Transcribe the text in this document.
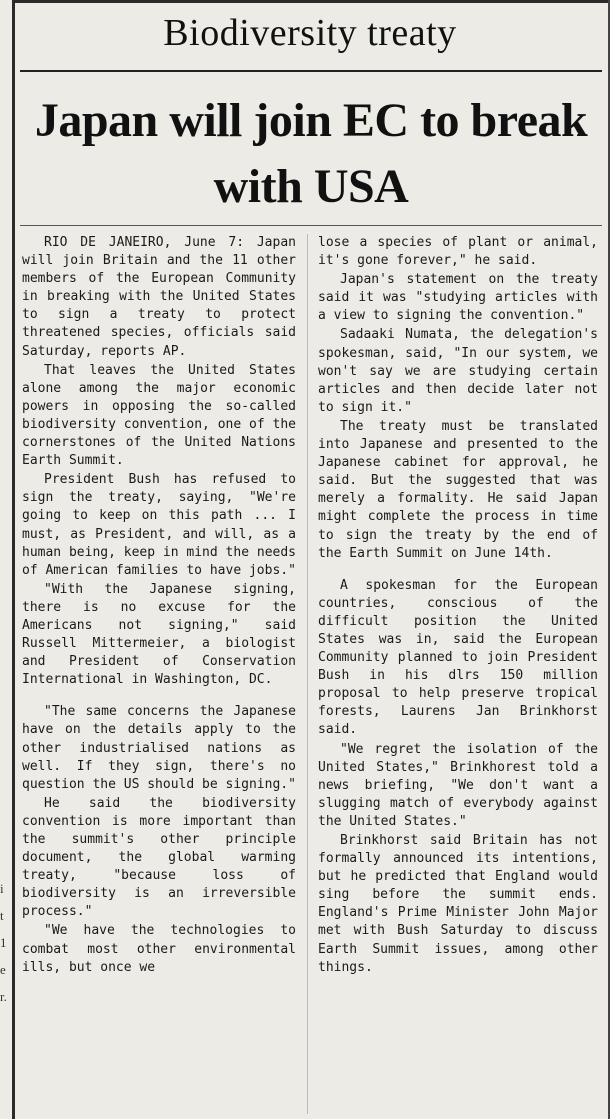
i
t
1
e
r.
Biodiversity treaty
Japan will join EC to break with USA

RIO DE JANEIRO, June 7: Japan will join Britain and the 11 other members of the European Community in breaking with the United States to sign a treaty to protect threatened species, officials said Saturday, reports AP.

That leaves the United States alone among the major economic powers in opposing the so-called biodiversity convention, one of the cornerstones of the United Nations Earth Summit.

President Bush has refused to sign the treaty, saying, "We're going to keep on this path ... I must, as President, and will, as a human being, keep in mind the needs of American families to have jobs."

"With the Japanese signing, there is no excuse for the Americans not signing," said Russell Mittermeier, a biologist and President of Conservation International in Washington, DC.

"The same concerns the Japanese have on the details apply to the other industrialised nations as well. If they sign, there's no question the US should be signing."

He said the biodiversity convention is more important than the summit's other principle document, the global warming treaty, "because loss of biodiversity is an irreversible process."

"We have the technologies to combat most other environmental ills, but once we

lose a species of plant or animal, it's gone forever," he said.

Japan's statement on the treaty said it was "studying articles with a view to signing the convention."

Sadaaki Numata, the delegation's spokesman, said, "In our system, we won't say we are studying certain articles and then decide later not to sign it."

The treaty must be translated into Japanese and presented to the Japanese cabinet for approval, he said. But the suggested that was merely a formality. He said Japan might complete the process in time to sign the treaty by the end of the Earth Summit on June 14th.

A spokesman for the European countries, conscious of the difficult position the United States was in, said the European Community planned to join President Bush in his dlrs 150 million proposal to help preserve tropical forests, Laurens Jan Brinkhorst said.

"We regret the isolation of the United States," Brinkhorest told a news briefing, "We don't want a slugging match of everybody against the United States."

Brinkhorst said Britain has not formally announced its intentions, but he predicted that England would sing before the summit ends. England's Prime Minister John Major met with Bush Saturday to discuss Earth Summit issues, among other things.
